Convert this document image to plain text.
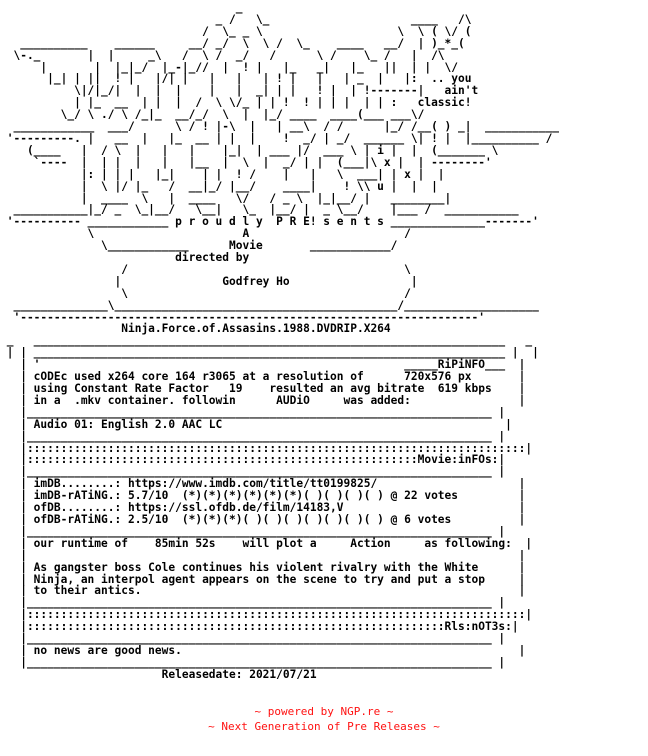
_
_ /   \_                     ____   /\
/  \_ _ \                    \  \ ( \/ (
__________    ______     __/ _/  \  \ /  \_    ____   __/  | )_*_(
\-._       |  |     _\   /  \ /  _/   /      \ /    \_ /   |  /\
|       |  |_|_/  |_-|_//  |  ! |   |_   _|   |_   ||  | |  \/
|_| | ||  ! |   |/| |   |   |   | ! |   |   | _  |   |:  .. you
\|/|_/|  |  |  |    |   |  _| | |   ! |  | !-------|   ain't
| |_  __  | |  |  /  \ \/_ | | !  ! | | |  | | :   classic!
\_/ \ ./ \ /_|_  __/_/  \  |  |_/ ____  ____(___ ___\/
____________  ___/      \ / ! |-\  |   | __\  / /      |_/ /__( ) _|  ___________
'---------. |   __  |   |_  __ | |  |    !  _/ | _/  ______ \| ! |  |__________ /
(____   |  / \  |   |   |    |_|  | ___ |/  ___ \ | i |  |  (_______ \
`----  |  | |  |   |   |__  |  \  |  _/ | |  (___|\ x |  | --------'
|: | | |   |_|    | |  ! /    |   |   \  ___| | x |  |
|  \ |/ |_   /  __|_/ |__/    ____|    ! \\ u |  |  |
|  ____  \   |  ____   \/   / _ \  |_|__/ |   ________|
___________|_/ _  \_|__/   \__|   \_  |__/ |  _ \__/    |___ /  ___________
'---------- ____________ p r o u d l y  P R E! s e n t s ______________-------'
\                      A                       /
\____________      Movie       ____________/
directed by
/                                         \
|               Godfrey Ho                  |
\                                         /
______________\__________________________________________/____________________
'--------------------------------------------------------------------'
Ninja.Force.of.Assasins.1988.DVDRIP.X264
_   ______________________________________________________________________   _
| | ______________________________________________________________________ |  |
| '                                                      _____RiPiNFO___  |
| cODEc used x264 core 164 r3065 at a resolution of      720x576 px       |
| using Constant Rate Factor   19    resulted an avg bitrate  619 kbps    |
| in a  .mkv container. followin      AUDiO     was added:                |
|_____________________________________________________________________ |
| Audio 01: English 2.0 AAC LC                                          |
|_____________________________________________________________________ |
|::::::::::::::::::::::::::::::::::::::::::::::::::::::::::::::::::::::::::|
|::::::::::::::::::::::::::::::::::::::::::::::::::::::::::Movie:inFOs:|
|_____________________________________________________________________ |
| imDB........: https://www.imdb.com/title/tt0199825/                     |
| imDB-rATiNG.: 5.7/10  (*)(*)(*)(*)(*)(*)( )( )( )( ) @ 22 votes         |
| ofDB........: https://ssl.ofdb.de/film/14183,V                          |
| ofDB-rATiNG.: 2.5/10  (*)(*)(*)( )( )( )( )( )( )( ) @ 6 votes          |
|_____________________________________________________________________ |
| our runtime of    85min 52s    will plot a     Action     as following:  |
|                                                                         |
| As gangster boss Cole continues his violent rivalry with the White      |
| Ninja, an interpol agent appears on the scene to try and put a stop     |
| to their antics.                                                        |
|_____________________________________________________________________ |
|::::::::::::::::::::::::::::::::::::::::::::::::::::::::::::::::::::::::::|
|::::::::::::::::::::::::::::::::::::::::::::::::::::::::::::::Rls:nOT3s:|
|_____________________________________________________________________ |
| no news are good news.                                                  |
|_____________________________________________________________________ |
Releasedate: 2021/07/21

~ powered by NGP.re ~
~ Next Generation of Pre Releases ~
